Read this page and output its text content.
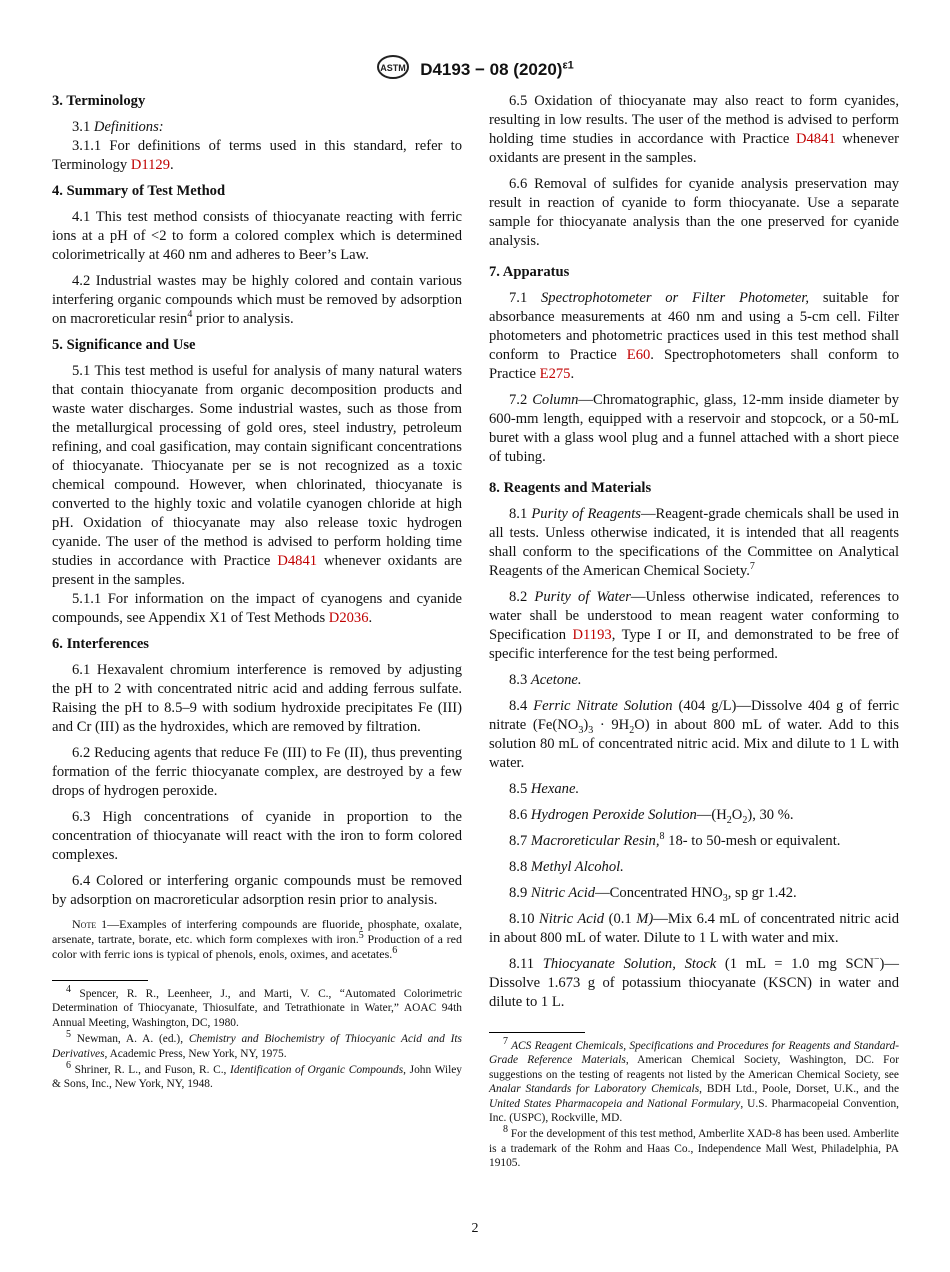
ASTM D4193 − 08 $(2020)^{\varepsilon 1}$
3. Terminology

3.1 Definitions:

3.1.1 For definitions of terms used in this standard, refer to Terminology D1129.

4. Summary of Test Method

4.1 This test method consists of thiocyanate reacting with ferric ions at a pH of <2 to form a colored complex which is determined colorimetrically at 460 nm and adheres to Beer’s Law.

4.2 Industrial wastes may be highly colored and contain various interfering organic compounds which must be removed by adsorption on macroreticular resin$^4$ prior to analysis.

5. Significance and Use

5.1 This test method is useful for analysis of many natural waters that contain thiocyanate from organic decomposition products and waste water discharges. Some industrial wastes, such as those from the metallurgical processing of gold ores, steel industry, petroleum refining, and coal gasification, may contain significant concentrations of thiocyanate. Thiocyanate per se is not recognized as a toxic chemical compound. However, when chlorinated, thiocyanate is converted to the highly toxic and volatile cyanogen chloride at high pH. Oxidation of thiocyanate may also release toxic hydrogen cyanide. The user of the method is advised to perform holding time studies in accordance with Practice D4841 whenever oxidants are present in the samples.

5.1.1 For information on the impact of cyanogens and cyanide compounds, see Appendix X1 of Test Methods D2036.

6. Interferences

6.1 Hexavalent chromium interference is removed by adjusting the pH to 2 with concentrated nitric acid and adding ferrous sulfate. Raising the pH to 8.5–9 with sodium hydroxide precipitates Fe (III) and Cr (III) as the hydroxides, which are removed by filtration.

6.2 Reducing agents that reduce Fe (III) to Fe (II), thus preventing formation of the ferric thiocyanate complex, are destroyed by a few drops of hydrogen peroxide.

6.3 High concentrations of cyanide in proportion to the concentration of thiocyanate will react with the iron to form colored complexes.

6.4 Colored or interfering organic compounds must be removed by adsorption on macroreticular adsorption resin prior to analysis.

Note 1—Examples of interfering compounds are fluoride, phosphate, oxalate, arsenate, tartrate, borate, etc. which form complexes with iron.$^5$ Production of a red color with ferric ions is typical of phenols, enols, oximes, and acetates.$^6$

$^4$ Spencer, R. R., Leenheer, J., and Marti, V. C., “Automated Colorimetric Determination of Thiocyanate, Thiosulfate, and Tetrathionate in Water,” AOAC 94th Annual Meeting, Washington, DC, 1980.

$^5$ Newman, A. A. (ed.), Chemistry and Biochemistry of Thiocyanic Acid and Its Derivatives, Academic Press, New York, NY, 1975.

$^6$ Shriner, R. L., and Fuson, R. C., Identification of Organic Compounds, John Wiley & Sons, Inc., New York, NY, 1948.

6.5 Oxidation of thiocyanate may also react to form cyanides, resulting in low results. The user of the method is advised to perform holding time studies in accordance with Practice D4841 whenever oxidants are present in the samples.

6.6 Removal of sulfides for cyanide analysis preservation may result in reaction of cyanide to form thiocyanate. Use a separate sample for thiocyanate analysis than the one preserved for cyanide analysis.

7. Apparatus

7.1 Spectrophotometer or Filter Photometer, suitable for absorbance measurements at 460 nm and using a 5-cm cell. Filter photometers and photometric practices used in this test method shall conform to Practice E60. Spectrophotometers shall conform to Practice E275.

7.2 Column—Chromatographic, glass, 12-mm inside diameter by 600-mm length, equipped with a reservoir and stopcock, or a 50-mL buret with a glass wool plug and a funnel attached with a short piece of tubing.

8. Reagents and Materials

8.1 Purity of Reagents—Reagent-grade chemicals shall be used in all tests. Unless otherwise indicated, it is intended that all reagents shall conform to the specifications of the Committee on Analytical Reagents of the American Chemical Society.$^7$

8.2 Purity of Water—Unless otherwise indicated, references to water shall be understood to mean reagent water conforming to Specification D1193, Type I or II, and demonstrated to be free of specific interference for the test being performed.

8.3 Acetone.

8.4 Ferric Nitrate Solution (404 g/L)—Dissolve 404 g of ferric nitrate $(Fe(NO_3)_3 \cdot 9H_2O)$ in about 800 mL of water. Add to this solution 80 mL of concentrated nitric acid. Mix and dilute to 1 L with water.

8.5 Hexane.

8.6 Hydrogen Peroxide $Solution—(H_2O_2)$, 30 %.

8.7 Macroreticular Resin,$^8$ 18- to 50-mesh or equivalent.

8.8 Methyl Alcohol.

8.9 Nitric Acid—Concentrated $HNO_3$, sp gr 1.42.

8.10 Nitric Acid (0.1 M)—Mix 6.4 mL of concentrated nitric acid in about 800 mL of water. Dilute to 1 L with water and mix.

8.11 Thiocyanate Solution, Stock (1 mL = 1.0 mg SCN−)—Dissolve 1.673 g of potassium thiocyanate (KSCN) in water and dilute to 1 L.

$^7$ ACS Reagent Chemicals, Specifications and Procedures for Reagents and Standard-Grade Reference Materials, American Chemical Society, Washington, DC. For suggestions on the testing of reagents not listed by the American Chemical Society, see Analar Standards for Laboratory Chemicals, BDH Ltd., Poole, Dorset, U.K., and the United States Pharmacopeia and National Formulary, U.S. Pharmacopeial Convention, Inc. (USPC), Rockville, MD.

$^8$ For the development of this test method, Amberlite XAD-8 has been used. Amberlite is a trademark of the Rohm and Haas Co., Independence Mall West, Philadelphia, PA 19105.

2
